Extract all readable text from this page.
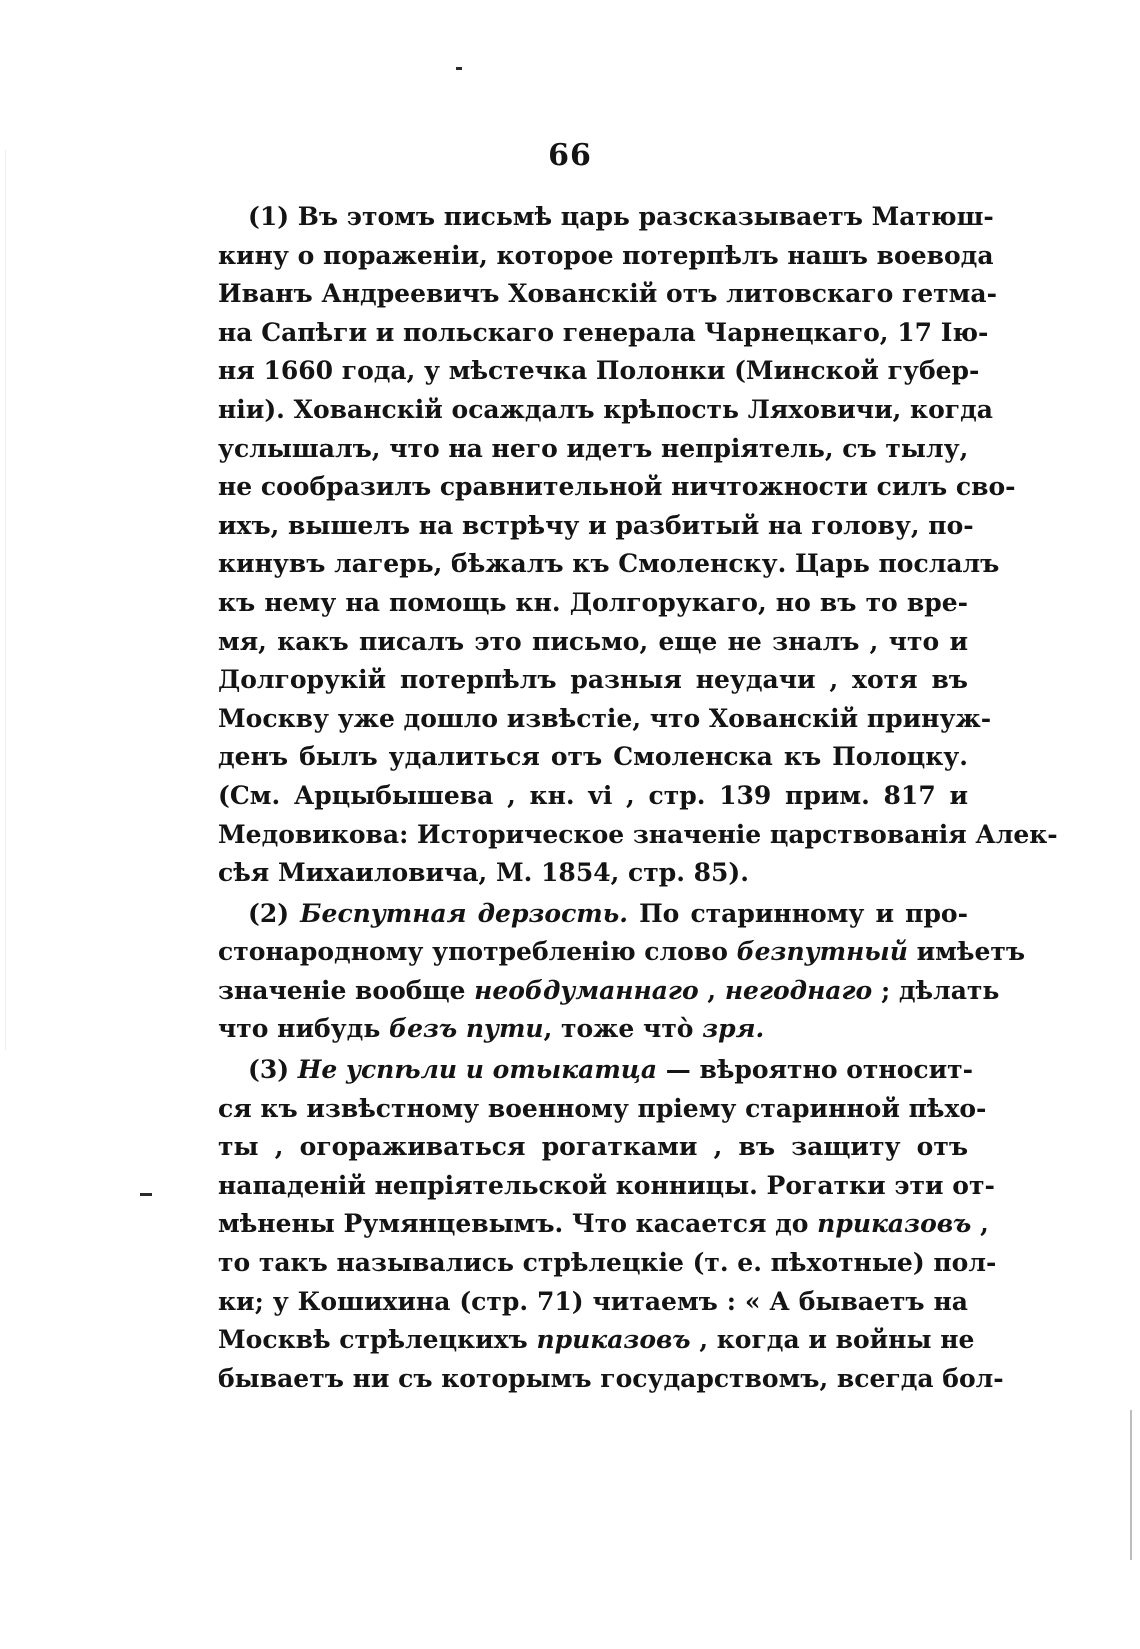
66
(1) Въ этомъ письмѣ царь разсказываетъ Матюш-
кину о пораженіи, которое потерпѣлъ нашъ воевода
Иванъ Андреевичъ Хованскій отъ литовскаго гетма-
на Сапѣги и польскаго генерала Чарнецкаго, 17 Ію-
ня 1660 года, у мѣстечка Полонки (Минской губер-
ніи). Хованскій осаждалъ крѣпость Ляховичи, когда
услышалъ, что на него идетъ непріятель, съ тылу,
не сообразилъ сравнительной ничтожности силъ сво-
ихъ, вышелъ на встрѣчу и разбитый на голову, по-
кинувъ лагерь, бѣжалъ къ Смоленску. Царь послалъ
къ нему на помощь кн. Долгорукаго, но въ то вре-
мя, какъ писалъ это письмо, еще не зналъ , что и
Долгорукій потерпѣлъ разныя неудачи , хотя въ
Москву уже дошло извѣстіе, что Хованскій принуж-
денъ былъ удалиться отъ Смоленска къ Полоцку.
(См. Арцыбышева , кн. vi , стр. 139 прим. 817 и
Медовикова: Историческое значеніе царствованія Алек-
сѣя Михаиловича, М. 1854, стр. 85).
(2) Беспутная дерзость. По старинному и про-
стонародному употребленію слово безпутный имѣетъ
значеніе вообще необдуманнаго , негоднаго ; дѣлать
что нибудь безъ пути, тоже что̀ зря.
(3) Не успѣли и отыкатца — вѣроятно относит-
ся къ извѣстному военному пріему старинной пѣхо-
ты , огораживаться рогатками , въ защиту отъ
нападеній непріятельской конницы. Рогатки эти от-
мѣнены Румянцевымъ. Что касается до приказовъ ,
то такъ назывались стрѣлецкіе (т. е. пѣхотные) пол-
ки; у Кошихина (стр. 71) читаемъ : « А бываетъ на
Москвѣ стрѣлецкихъ приказовъ , когда и войны не
бываетъ ни съ которымъ государствомъ, всегда бол-
